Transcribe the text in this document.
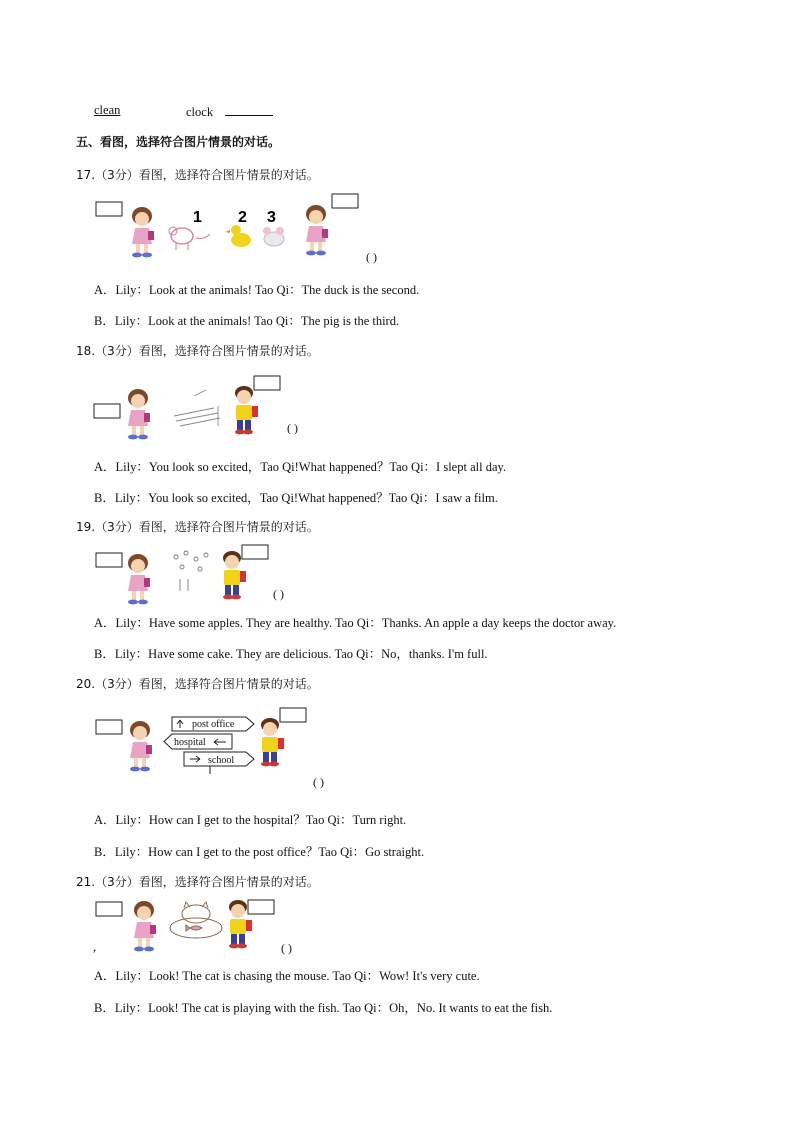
clean	clock
五、看图，选择符合图片情景的对话。
17.（3分）看图，选择符合图片情景的对话。
1 2 3
( )
A．Lily：Look at the animals! Tao Qi：The duck is the second.
B．Lily：Look at the animals! Tao Qi：The pig is the third.
18.（3分）看图，选择符合图片情景的对话。
( )
A．Lily：You look so excited，Tao Qi!What happened？Tao Qi：I slept all day.
B．Lily：You look so excited，Tao Qi!What happened？Tao Qi：I saw a film.
19.（3分）看图，选择符合图片情景的对话。
( )
A．Lily：Have some apples. They are healthy. Tao Qi：Thanks. An apple a day keeps the doctor away.
B．Lily：Have some cake. They are delicious. Tao Qi：No，thanks. I'm full.
20.（3分）看图，选择符合图片情景的对话。
post office
hospital
school
( )
A．Lily：How can I get to the hospital？Tao Qi：Turn right.
B．Lily：How can I get to the post office？Tao Qi：Go straight.
21.（3分）看图，选择符合图片情景的对话。
,	( )
A．Lily：Look! The cat is chasing the mouse. Tao Qi：Wow! It's very cute.
B．Lily：Look! The cat is playing with the fish. Tao Qi：Oh，No. It wants to eat the fish.
